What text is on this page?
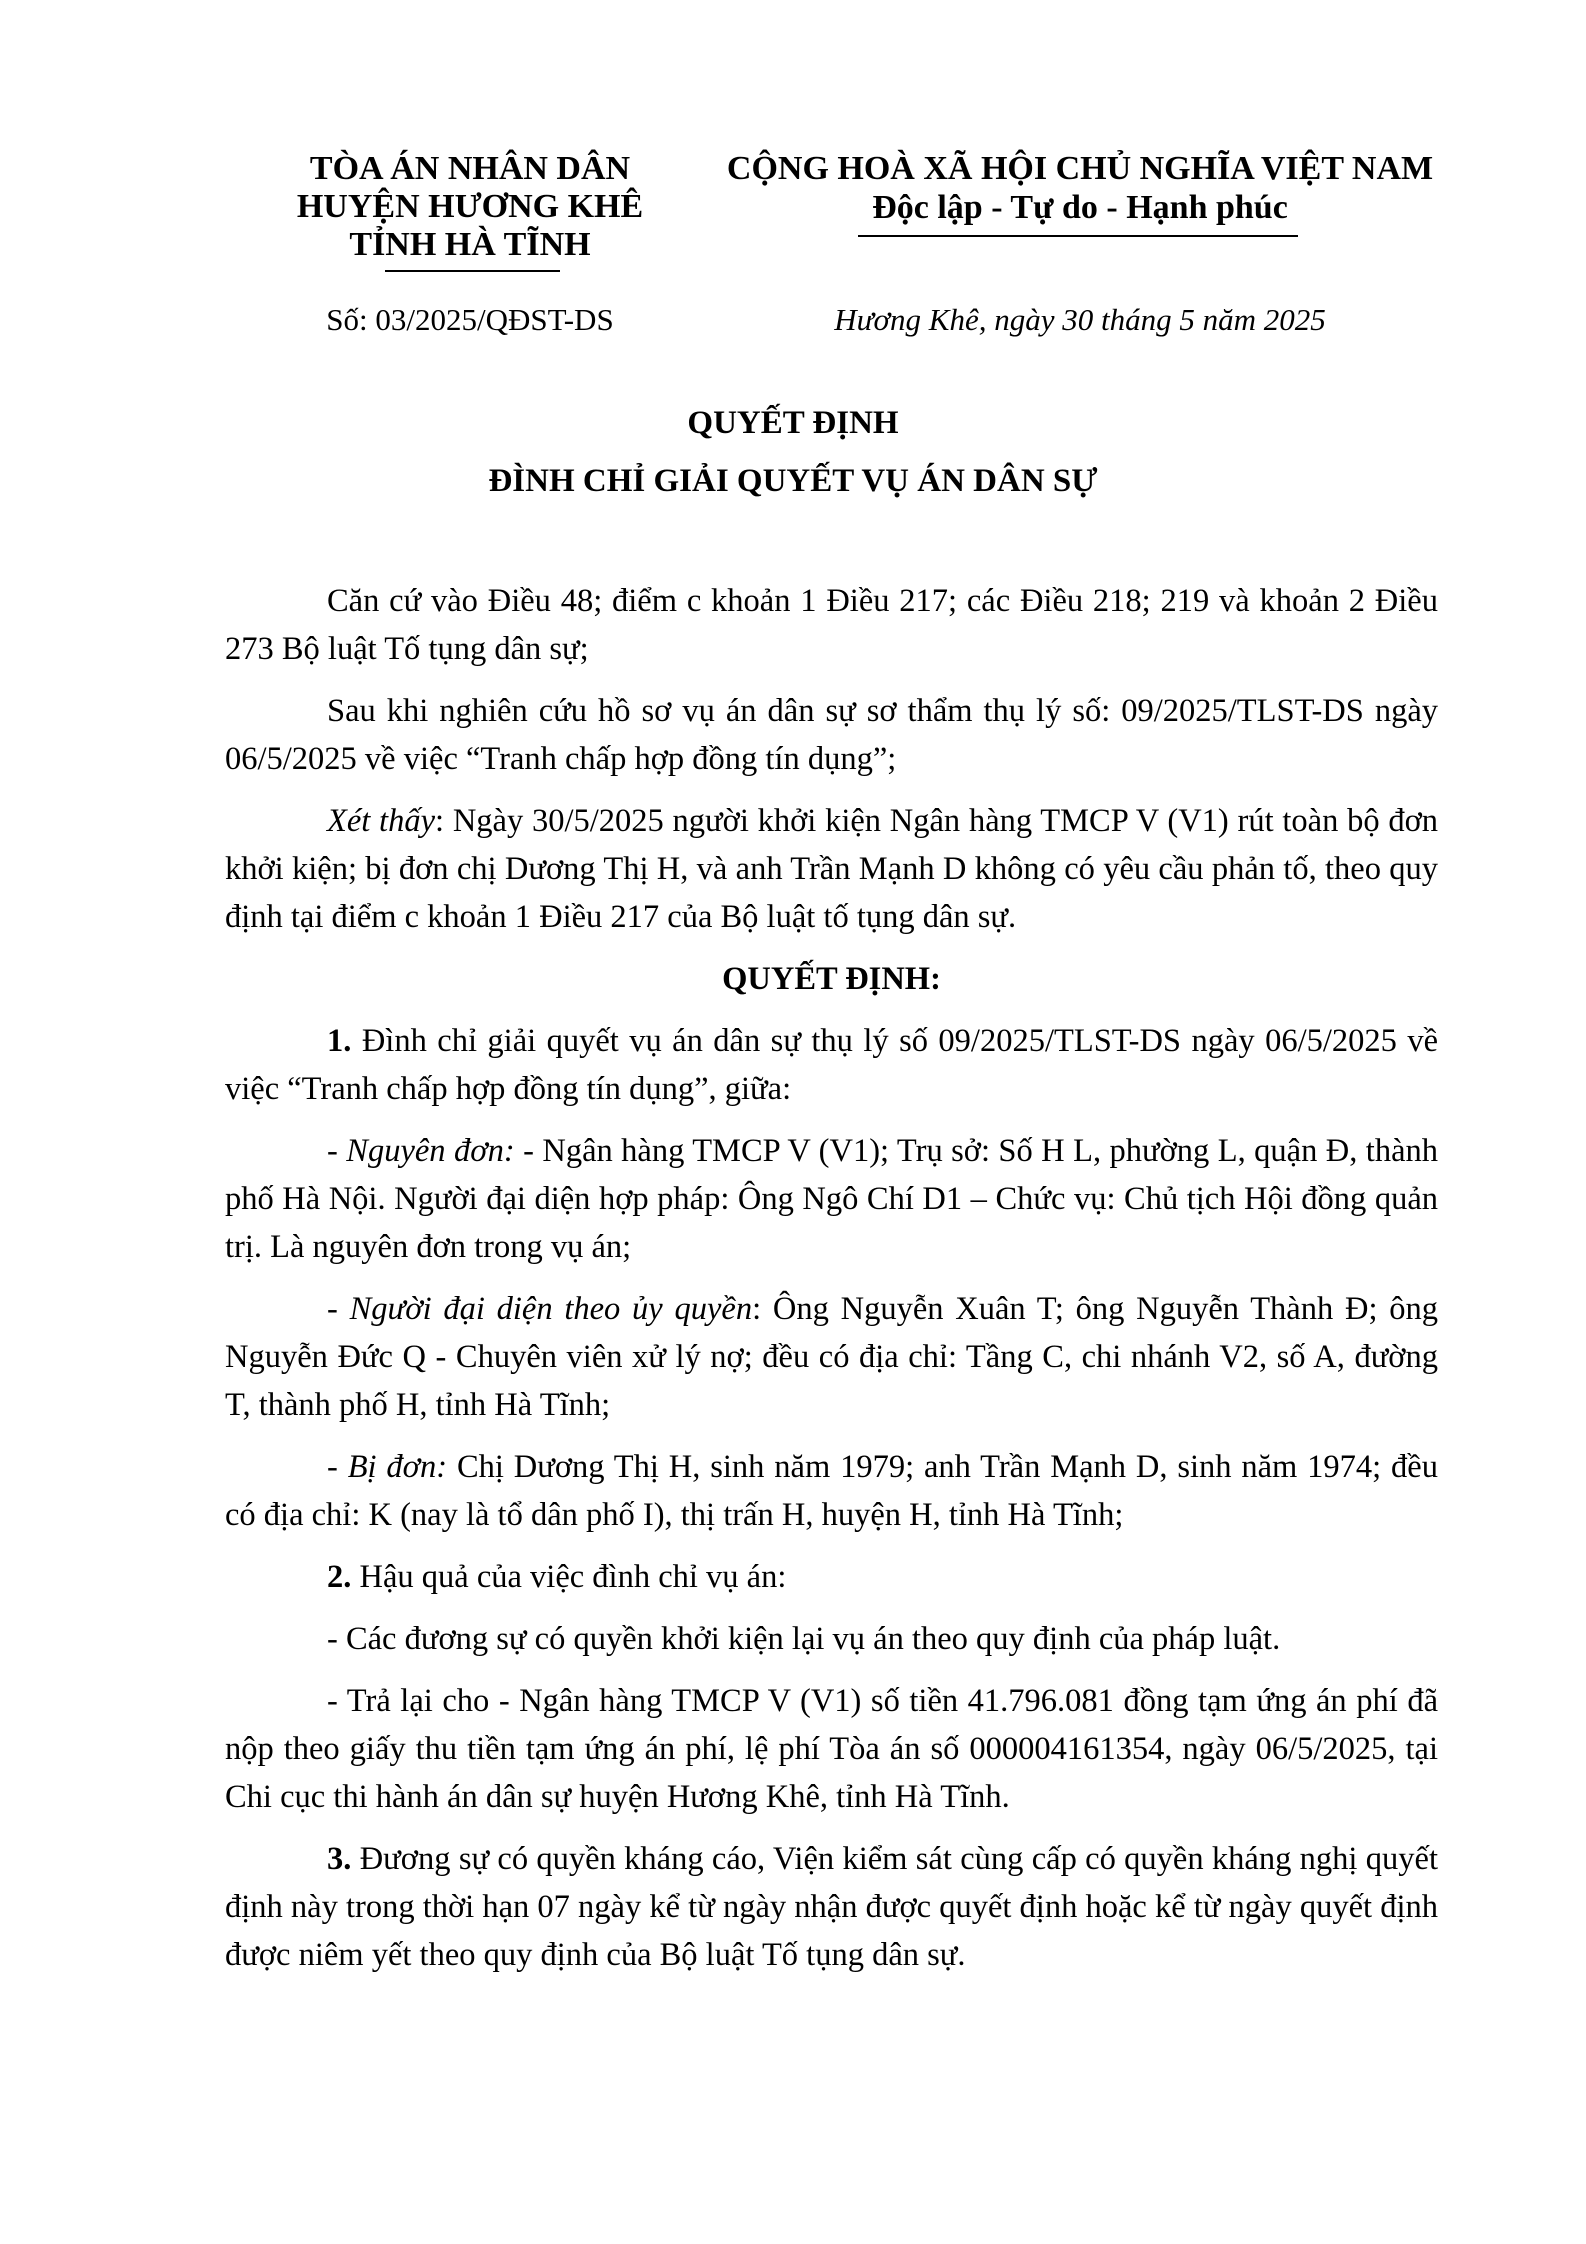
TÒA ÁN NHÂN DÂN
HUYỆN HƯƠNG KHÊ
TỈNH HÀ TĨNH
Số: 03/2025/QĐST-DS
CỘNG HOÀ XÃ HỘI CHỦ NGHĨA VIỆT NAM
Độc lập - Tự do - Hạnh phúc
Hương Khê, ngày 30 tháng 5 năm 2025
QUYẾT ĐỊNH
ĐÌNH CHỈ GIẢI QUYẾT VỤ ÁN DÂN SỰ

Căn cứ vào Điều 48; điểm c khoản 1 Điều 217; các Điều 218; 219 và khoản 2 Điều 273 Bộ luật Tố tụng dân sự;

Sau khi nghiên cứu hồ sơ vụ án dân sự sơ thẩm thụ lý số: 09/2025/TLST-DS ngày 06/5/2025 về việc “Tranh chấp hợp đồng tín dụng”;

Xét thấy: Ngày 30/5/2025 người khởi kiện Ngân hàng TMCP V (V1) rút toàn bộ đơn khởi kiện; bị đơn chị Dương Thị H, và anh Trần Mạnh D không có yêu cầu phản tố, theo quy định tại điểm c khoản 1 Điều 217 của Bộ luật tố tụng dân sự.

QUYẾT ĐỊNH:

1. Đình chỉ giải quyết vụ án dân sự thụ lý số 09/2025/TLST-DS ngày 06/5/2025 về việc “Tranh chấp hợp đồng tín dụng”, giữa:

- Nguyên đơn: - Ngân hàng TMCP V (V1); Trụ sở: Số H L, phường L, quận Đ, thành phố Hà Nội. Người đại diện hợp pháp: Ông Ngô Chí D1 – Chức vụ: Chủ tịch Hội đồng quản trị. Là nguyên đơn trong vụ án;

- Người đại diện theo ủy quyền: Ông Nguyễn Xuân T; ông Nguyễn Thành Đ; ông Nguyễn Đức Q - Chuyên viên xử lý nợ; đều có địa chỉ: Tầng C, chi nhánh V2, số A, đường T, thành phố H, tỉnh Hà Tĩnh;

- Bị đơn: Chị Dương Thị H, sinh năm 1979; anh Trần Mạnh D, sinh năm 1974; đều có địa chỉ: K (nay là tổ dân phố I), thị trấn H, huyện H, tỉnh Hà Tĩnh;

2. Hậu quả của việc đình chỉ vụ án:

- Các đương sự có quyền khởi kiện lại vụ án theo quy định của pháp luật.

- Trả lại cho - Ngân hàng TMCP V (V1) số tiền 41.796.081 đồng tạm ứng án phí đã nộp theo giấy thu tiền tạm ứng án phí, lệ phí Tòa án số 000004161354, ngày 06/5/2025, tại Chi cục thi hành án dân sự huyện Hương Khê, tỉnh Hà Tĩnh.

3. Đương sự có quyền kháng cáo, Viện kiểm sát cùng cấp có quyền kháng nghị quyết định này trong thời hạn 07 ngày kể từ ngày nhận được quyết định hoặc kể từ ngày quyết định được niêm yết theo quy định của Bộ luật Tố tụng dân sự.
